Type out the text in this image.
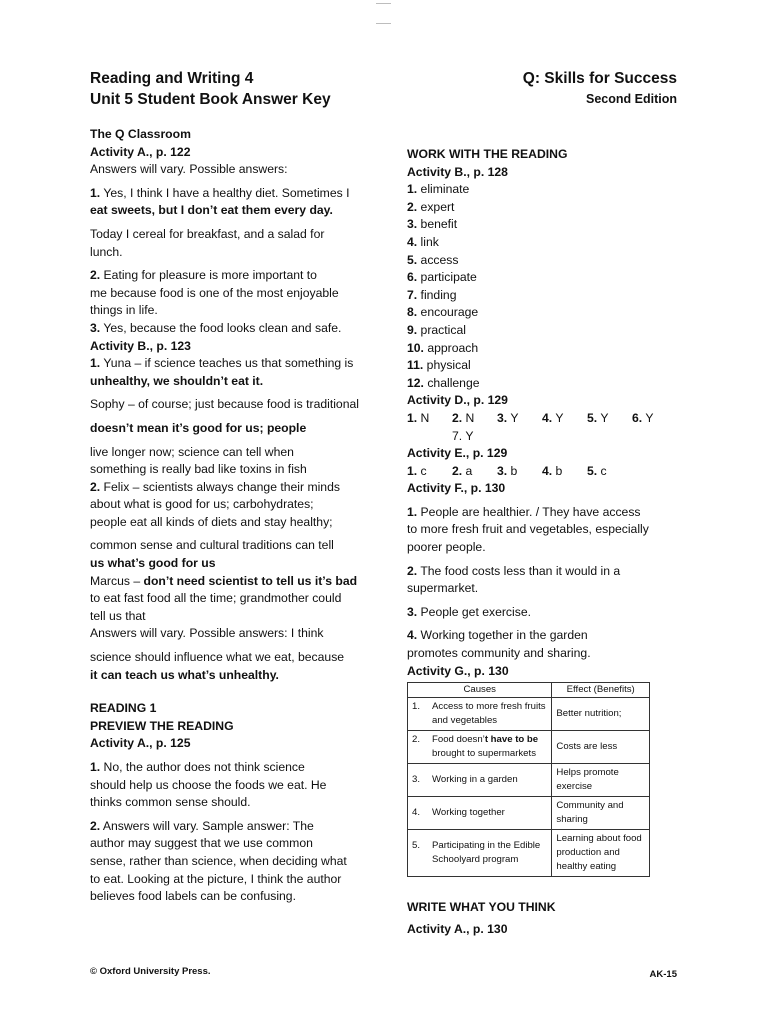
Reading and Writing 4
Unit 5 Student Book Answer Key
Q: Skills for Success
Second Edition
The Q Classroom
Activity A., p. 122
Answers will vary. Possible answers:
1. Yes, I think I have a healthy diet. Sometimes I
eat sweets, but I don’t eat them every day.
Today I cereal for breakfast, and a salad for
lunch.
2. Eating for pleasure is more important to
me because food is one of the most enjoyable
things in life.
3. Yes, because the food looks clean and safe.
Activity B., p. 123
1. Yuna – if science teaches us that something is
unhealthy, we shouldn’t eat it.
Sophy – of course; just because food is traditional
doesn’t mean it’s good for us; people
live longer now; science can tell when
something is really bad like toxins in fish
2. Felix – scientists always change their minds
about what is good for us; carbohydrates;
people eat all kinds of diets and stay healthy;
common sense and cultural traditions can tell
us what’s good for us
Marcus – don’t need scientist to tell us it’s bad
to eat fast food all the time; grandmother could
tell us that
Answers will vary. Possible answers: I think
science should influence what we eat, because
it can teach us what’s unhealthy.
READING 1
PREVIEW THE READING
Activity A., p. 125
1. No, the author does not think science
should help us choose the foods we eat. He
thinks common sense should.
2. Answers will vary. Sample answer: The
author may suggest that we use common
sense, rather than science, when deciding what
to eat. Looking at the picture, I think the author
believes food labels can be confusing.
WORK WITH THE READING
Activity B., p. 128
1. eliminate
2. expert
3. benefit
4. link
5. access
6. participate
7. finding
8. encourage
9. practical
10. approach
11. physical
12. challenge
Activity D., p. 129
1. N 2. N 3. Y 4. Y 5. Y 6. Y
7. Y
Activity E., p. 129
1. c 2. a 3. b 4. b 5. c
Activity F., p. 130
1. People are healthier. / They have access
to more fresh fruit and vegetables, especially
poorer people.
2. The food costs less than it would in a
supermarket.
3. People get exercise.
4. Working together in the garden
promotes community and sharing.
Activity G., p. 130
Causes	Effect (Benefits)

1. Access to more fresh fruits and vegetables	Better nutrition;

2. Food doesn’t have to be brought to supermarkets	Costs are less

3. Working in a garden	Helps promote exercise

4. Working together	Community and sharing

5. Participating in the Edible Schoolyard program	Learning about food production and healthy eating
WRITE WHAT YOU THINK
Activity A., p. 130
© Oxford University Press.	AK-15
